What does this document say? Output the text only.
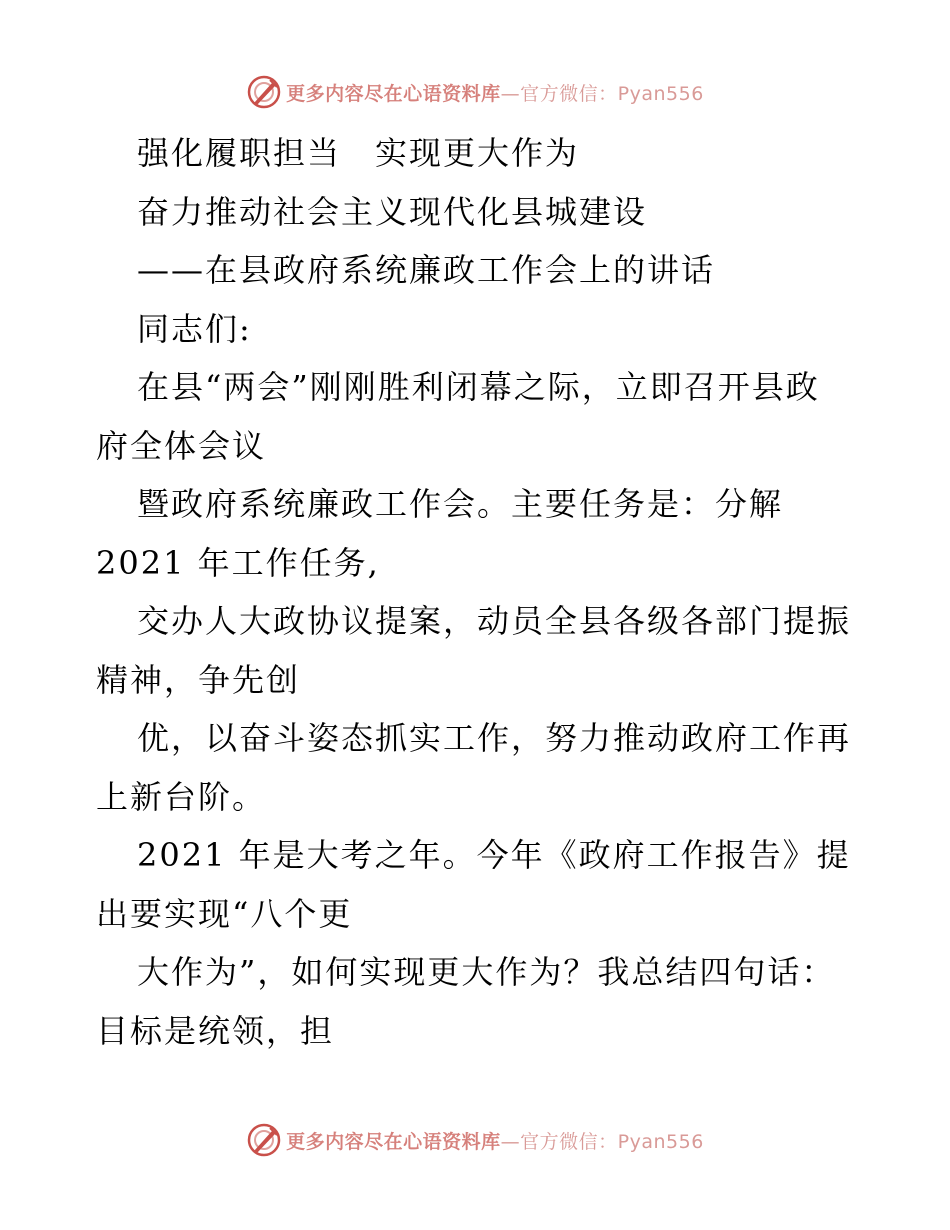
更多内容尽在心语资料库—官方微信：Pyan556
强化履职担当　实现更大作为
奋力推动社会主义现代化县城建设
——在县政府系统廉政工作会上的讲话
同志们:
在县“两会”刚刚胜利闭幕之际，立即召开县政
府全体会议
暨政府系统廉政工作会。主要任务是：分解
2021 年工作任务,
交办人大政协议提案，动员全县各级各部门提振
精神，争先创
优，以奋斗姿态抓实工作，努力推动政府工作再
上新台阶。
2021 年是大考之年。今年《政府工作报告》提
出要实现“八个更
大作为”，如何实现更大作为？我总结四句话：
目标是统领，担
更多内容尽在心语资料库—官方微信：Pyan556
